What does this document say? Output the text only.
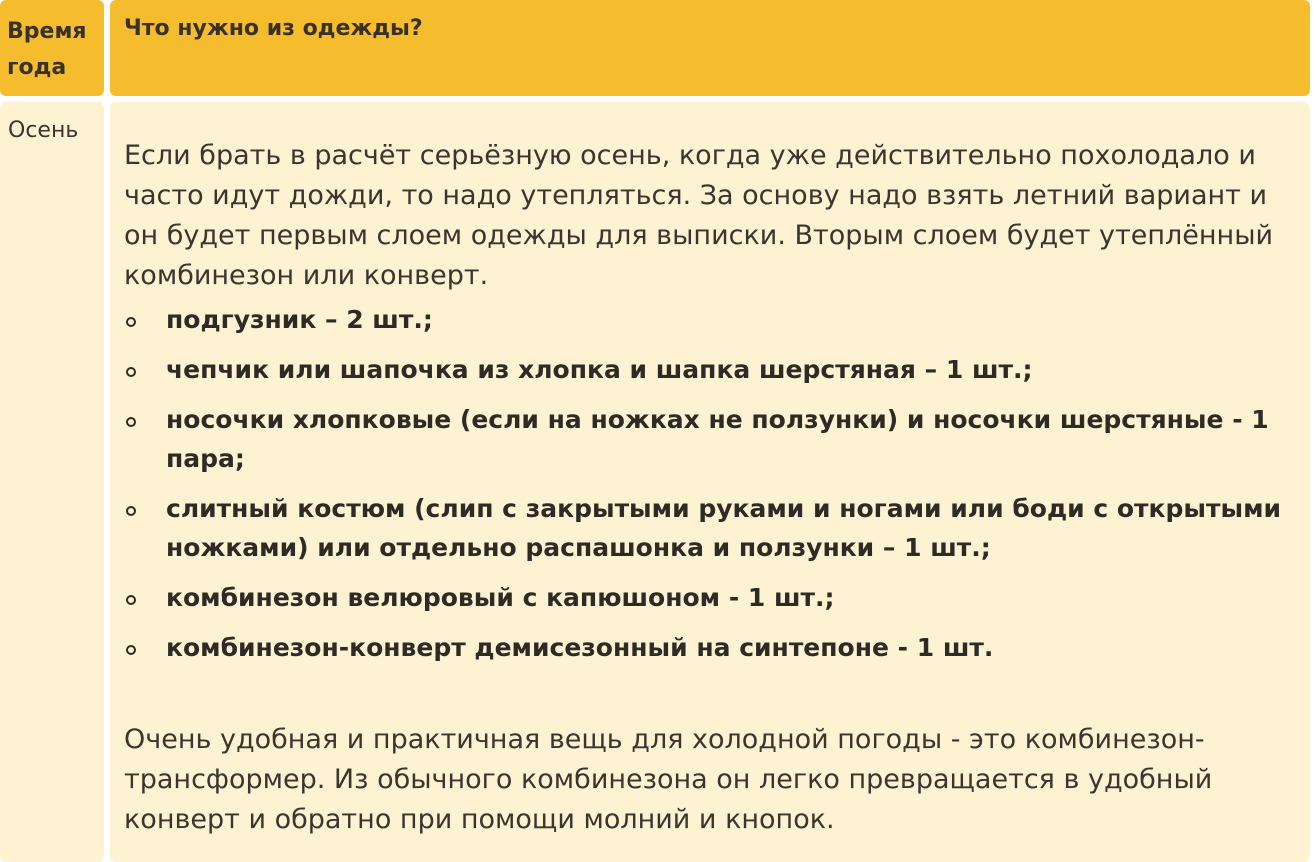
Время года
Что нужно из одежды?
Осень

Если брать в расчёт серьёзную осень, когда уже действительно похолодало и часто идут дожди, то надо утепляться. За основу надо взять летний вариант и он будет первым слоем одежды для выписки. Вторым слоем будет утеплённый комбинезон или конверт.

подгузник – 2 шт.;
чепчик или шапочка из хлопка и шапка шерстяная – 1 шт.;
носочки хлопковые (если на ножках не ползунки) и носочки шерстяные - 1 пара;
слитный костюм (слип с закрытыми руками и ногами или боди с открытыми ножками) или отдельно распашонка и ползунки – 1 шт.;
комбинезон велюровый с капюшоном - 1 шт.;
комбинезон-конверт демисезонный на синтепоне - 1 шт.

Очень удобная и практичная вещь для холодной погоды - это комбинезон-трансформер. Из обычного комбинезона он легко превращается в удобный конверт и обратно при помощи молний и кнопок.
